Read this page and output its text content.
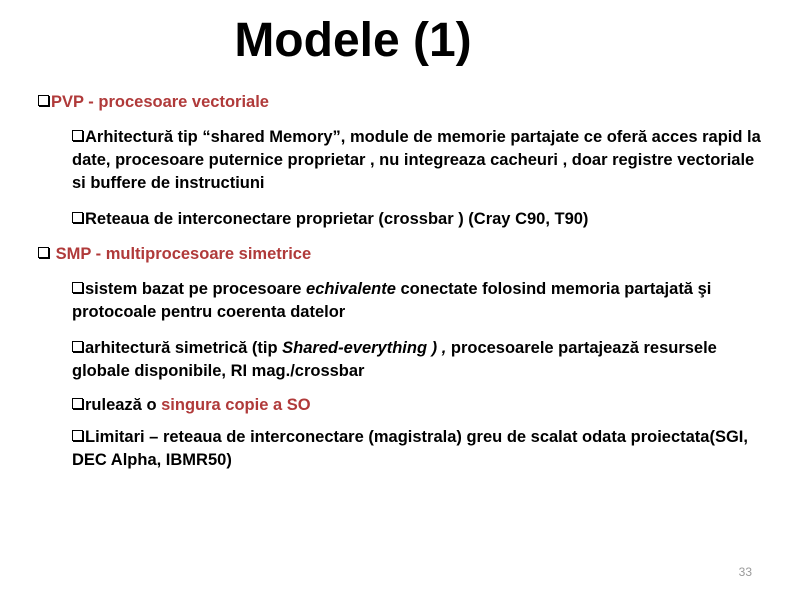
Modele (1)
PVP - procesoare vectoriale
Arhitectură tip “shared Memory”, module de memorie partajate ce oferă acces rapid la date, procesoare puternice proprietar , nu integreaza cacheuri , doar registre vectoriale si buffere de instructiuni
Reteaua de interconectare proprietar (crossbar ) (Cray C90, T90)
SMP - multiprocesoare simetrice
sistem bazat pe procesoare echivalente conectate folosind memoria partajată şi protocoale pentru coerenta datelor
arhitectură simetrică (tip Shared-everything ) , procesoarele partajează resursele globale disponibile, RI mag./crossbar
rulează o singura copie a SO
Limitari – reteaua de interconectare (magistrala) greu de scalat odata proiectata(SGI, DEC Alpha, IBMR50)
33
